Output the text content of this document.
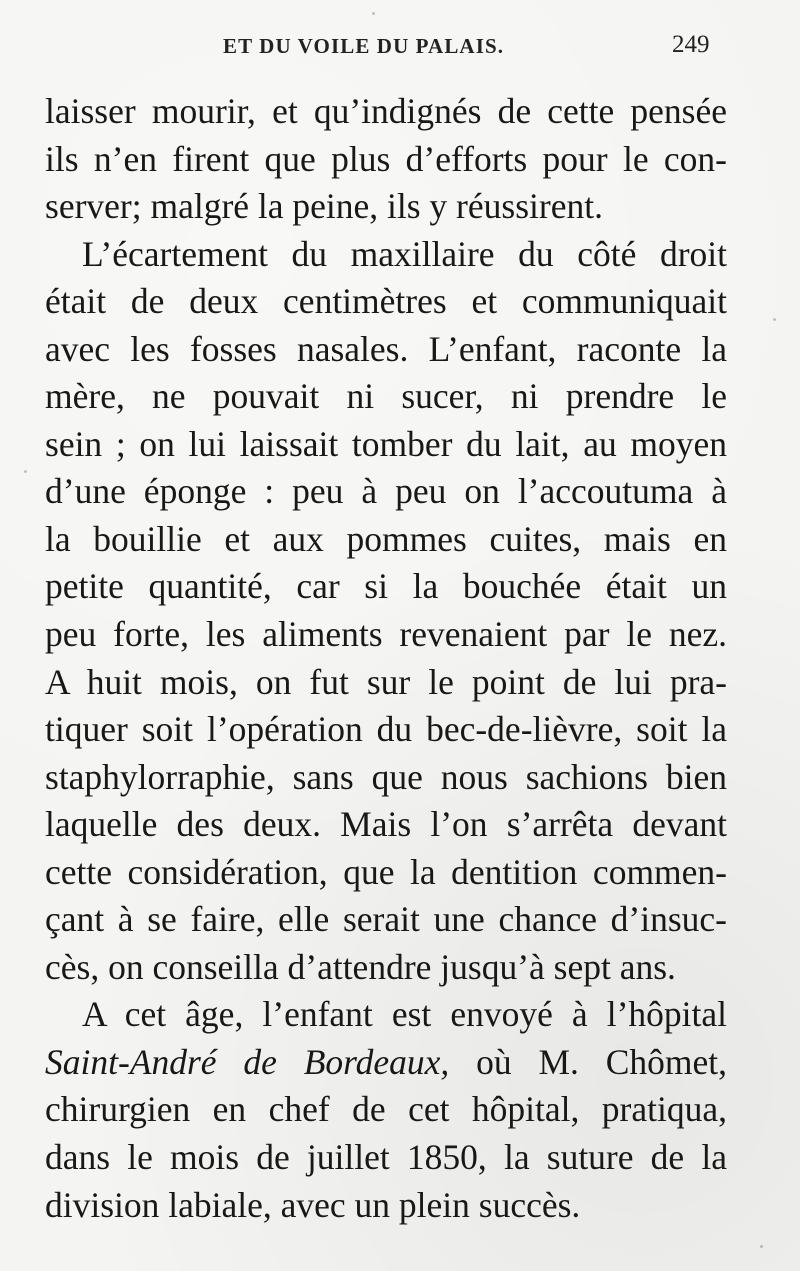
ET DU VOILE DU PALAIS.	249
laisser mourir, et qu’indignés de cette pensée
ils n’en firent que plus d’efforts pour le con-
server; malgré la peine, ils y réussirent.
L’écartement du maxillaire du côté droit
était de deux centimètres et communiquait
avec les fosses nasales. L’enfant, raconte la
mère, ne pouvait ni sucer, ni prendre le
sein ; on lui laissait tomber du lait, au moyen
d’une éponge : peu à peu on l’accoutuma à
la bouillie et aux pommes cuites, mais en
petite quantité, car si la bouchée était un
peu forte, les aliments revenaient par le nez.
A huit mois, on fut sur le point de lui pra-
tiquer soit l’opération du bec-de-lièvre, soit la
staphylorraphie, sans que nous sachions bien
laquelle des deux. Mais l’on s’arrêta devant
cette considération, que la dentition commen-
çant à se faire, elle serait une chance d’insuc-
cès, on conseilla d’attendre jusqu’à sept ans.
A cet âge, l’enfant est envoyé à l’hôpital
Saint-André de Bordeaux, où M. Chômet,
chirurgien en chef de cet hôpital, pratiqua,
dans le mois de juillet 1850, la suture de la
division labiale, avec un plein succès.
